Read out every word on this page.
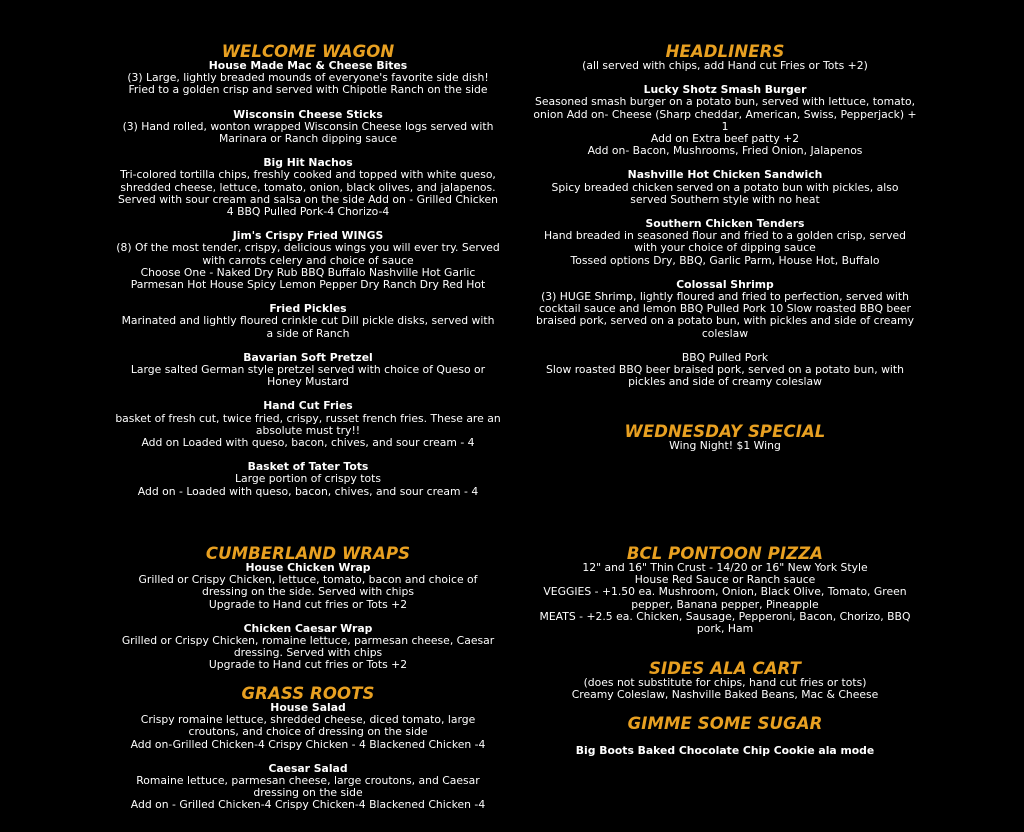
WELCOME WAGON
House Made Mac & Cheese Bites
(3) Large, lightly breaded mounds of everyone's favorite side dish!
Fried to a golden crisp and served with Chipotle Ranch on the side
Wisconsin Cheese Sticks
(3) Hand rolled, wonton wrapped Wisconsin Cheese logs served with
Marinara or Ranch dipping sauce
Big Hit Nachos
Tri-colored tortilla chips, freshly cooked and topped with white queso,
shredded cheese, lettuce, tomato, onion, black olives, and jalapenos.
Served with sour cream and salsa on the side Add on - Grilled Chicken
4 BBQ Pulled Pork-4 Chorizo-4
Jim's Crispy Fried WINGS
(8) Of the most tender, crispy, delicious wings you will ever try. Served
with carrots celery and choice of sauce
Choose One - Naked Dry Rub BBQ Buffalo Nashville Hot Garlic
Parmesan Hot House Spicy Lemon Pepper Dry Ranch Dry Red Hot
Fried Pickles
Marinated and lightly floured crinkle cut Dill pickle disks, served with
a side of Ranch
Bavarian Soft Pretzel
Large salted German style pretzel served with choice of Queso or
Honey Mustard
Hand Cut Fries
basket of fresh cut, twice fried, crispy, russet french fries. These are an
absolute must try!!
Add on Loaded with queso, bacon, chives, and sour cream - 4
Basket of Tater Tots
Large portion of crispy tots
Add on - Loaded with queso, bacon, chives, and sour cream - 4
CUMBERLAND WRAPS
House Chicken Wrap
Grilled or Crispy Chicken, lettuce, tomato, bacon and choice of
dressing on the side. Served with chips
Upgrade to Hand cut fries or Tots +2
Chicken Caesar Wrap
Grilled or Crispy Chicken, romaine lettuce, parmesan cheese, Caesar
dressing. Served with chips
Upgrade to Hand cut fries or Tots +2
GRASS ROOTS
House Salad
Crispy romaine lettuce, shredded cheese, diced tomato, large
croutons, and choice of dressing on the side
Add on-Grilled Chicken-4 Crispy Chicken - 4 Blackened Chicken -4
Caesar Salad
Romaine lettuce, parmesan cheese, large croutons, and Caesar
dressing on the side
Add on - Grilled Chicken-4 Crispy Chicken-4 Blackened Chicken -4
HEADLINERS
(all served with chips, add Hand cut Fries or Tots +2)
Lucky Shotz Smash Burger
Seasoned smash burger on a potato bun, served with lettuce, tomato,
onion Add on- Cheese (Sharp cheddar, American, Swiss, Pepperjack) +
1
Add on Extra beef patty +2
Add on- Bacon, Mushrooms, Fried Onion, Jalapenos
Nashville Hot Chicken Sandwich
Spicy breaded chicken served on a potato bun with pickles, also
served Southern style with no heat
Southern Chicken Tenders
Hand breaded in seasoned flour and fried to a golden crisp, served
with your choice of dipping sauce
Tossed options Dry, BBQ, Garlic Parm, House Hot, Buffalo
Colossal Shrimp
(3) HUGE Shrimp, lightly floured and fried to perfection, served with
cocktail sauce and lemon BBQ Pulled Pork 10 Slow roasted BBQ beer
braised pork, served on a potato bun, with pickles and side of creamy
coleslaw
BBQ Pulled Pork
Slow roasted BBQ beer braised pork, served on a potato bun, with
pickles and side of creamy coleslaw
WEDNESDAY SPECIAL
Wing Night! $1 Wing
BCL PONTOON PIZZA
12" and 16" Thin Crust - 14/20 or 16" New York Style
House Red Sauce or Ranch sauce
VEGGIES - +1.50 ea. Mushroom, Onion, Black Olive, Tomato, Green
pepper, Banana pepper, Pineapple
MEATS - +2.5 ea. Chicken, Sausage, Pepperoni, Bacon, Chorizo, BBQ
pork, Ham
SIDES ALA CART
(does not substitute for chips, hand cut fries or tots)
Creamy Coleslaw, Nashville Baked Beans, Mac & Cheese
GIMME SOME SUGAR
Big Boots Baked Chocolate Chip Cookie ala mode
